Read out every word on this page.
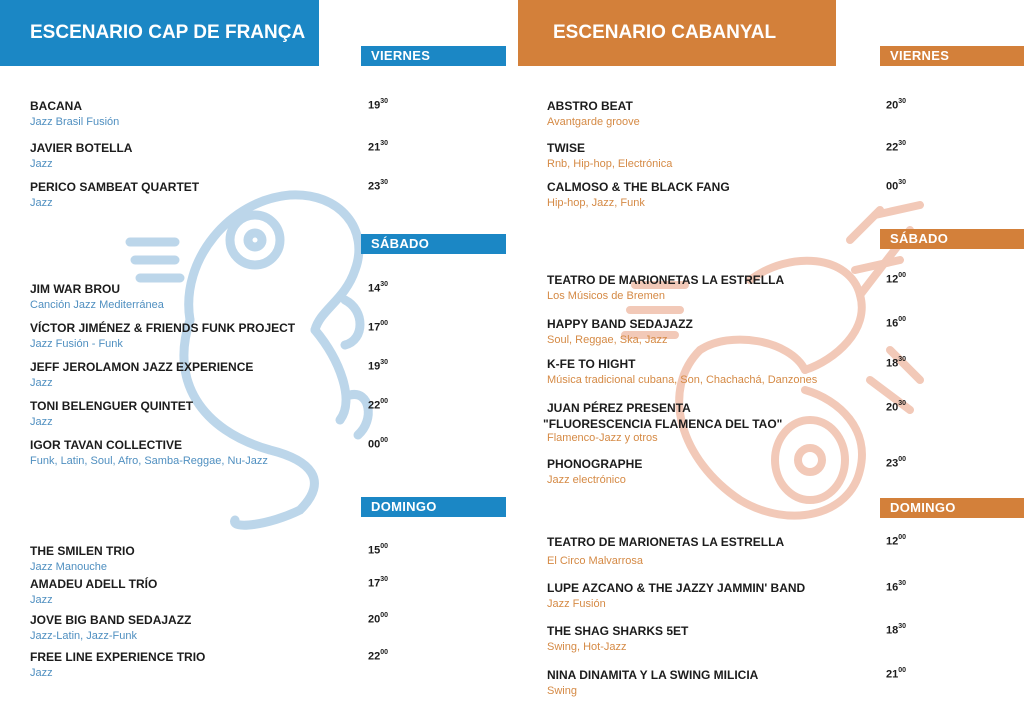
ESCENARIO CAP DE FRANÇA
VIERNES
SÁBADO
DOMINGO
BACANA
Jazz Brasil Fusión
$19^{30}$
JAVIER BOTELLA
Jazz
$21^{30}$
PERICO SAMBEAT QUARTET
Jazz
$23^{30}$
JIM WAR BROU
Canción Jazz Mediterránea
$14^{30}$
VÍCTOR JIMÉNEZ & FRIENDS FUNK PROJECT
Jazz Fusión - Funk
$17^{00}$
JEFF JEROLAMON JAZZ EXPERIENCE
Jazz
$19^{30}$
TONI BELENGUER QUINTET
Jazz
$22^{00}$
IGOR TAVAN COLLECTIVE
Funk, Latin, Soul, Afro, Samba-Reggae, Nu-Jazz
$00^{00}$
THE SMILEN TRIO
Jazz Manouche
$15^{00}$
AMADEU ADELL TRÍO
Jazz
$17^{30}$
JOVE BIG BAND SEDAJAZZ
Jazz-Latin, Jazz-Funk
$20^{00}$
FREE LINE EXPERIENCE TRIO
Jazz
$22^{00}$
ESCENARIO CABANYAL
VIERNES
SÁBADO
DOMINGO
ABSTRO BEAT
Avantgarde groove
$20^{30}$
TWISE
Rnb, Hip-hop, Electrónica
$22^{30}$
CALMOSO & THE BLACK FANG
Hip-hop, Jazz, Funk
$00^{30}$
TEATRO DE MARIONETAS LA ESTRELLA
Los Músicos de Bremen
$12^{00}$
HAPPY BAND SEDAJAZZ
Soul, Reggae, Ska, Jazz
$16^{00}$
K-FE TO HIGHT
Música tradicional cubana, Son, Chachachá, Danzones
$18^{30}$
JUAN PÉREZ PRESENTA
"FLUORESCENCIA FLAMENCA DEL TAO"
Flamenco-Jazz y otros
$20^{30}$
PHONOGRAPHE
Jazz electrónico
$23^{00}$
TEATRO DE MARIONETAS LA ESTRELLA
El Circo Malvarrosa
$12^{00}$
LUPE AZCANO & THE JAZZY JAMMIN' BAND
Jazz Fusión
$16^{30}$
THE SHAG SHARKS 5ET
Swing, Hot-Jazz
$18^{30}$
NINA DINAMITA Y LA SWING MILICIA
Swing
$21^{00}$
